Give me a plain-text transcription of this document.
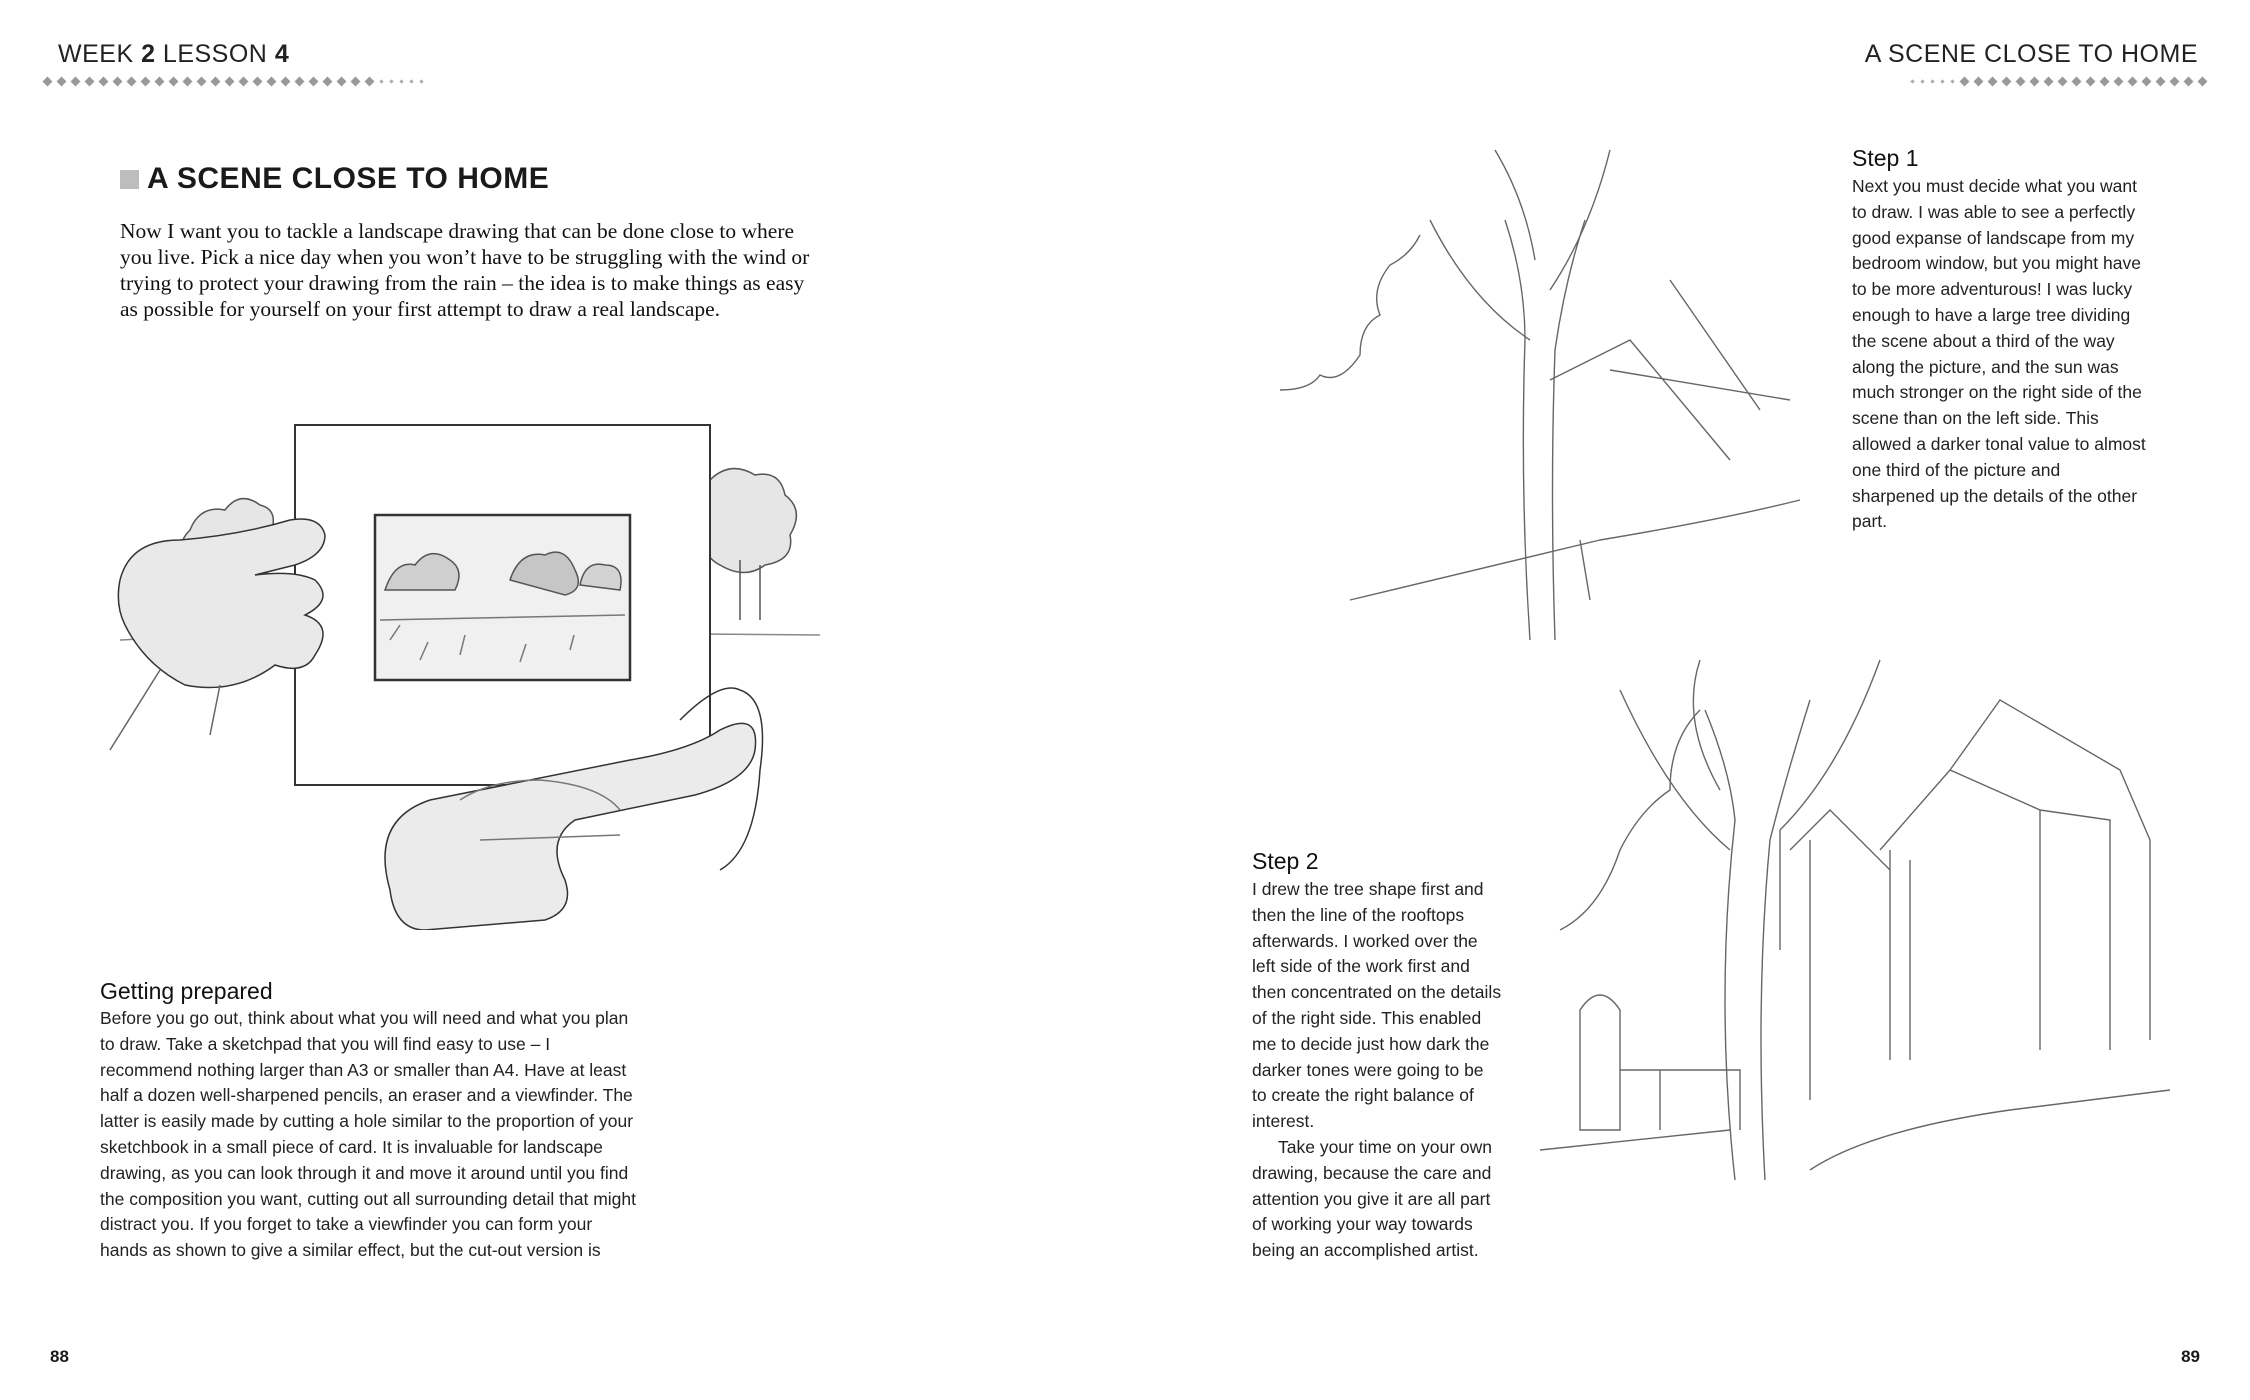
WEEK 2 LESSON 4
A SCENE CLOSE TO HOME
Now I want you to tackle a landscape drawing that can be done close to where you live. Pick a nice day when you won’t have to be struggling with the wind or trying to protect your drawing from the rain – the idea is to make things as easy as possible for yourself on your first attempt to draw a real landscape.
Getting prepared

Before you go out, think about what you will need and what you plan to draw. Take a sketchpad that you will find easy to use – I recommend nothing larger than A3 or smaller than A4. Have at least half a dozen well-sharpened pencils, an eraser and a viewfinder. The latter is easily made by cutting a hole similar to the proportion of your sketchbook in a small piece of card. It is invaluable for landscape drawing, as you can look through it and move it around until you find the composition you want, cutting out all surrounding detail that might distract you. If you forget to take a viewfinder you can form your hands as shown to give a similar effect, but the cut-out version is

88
A SCENE CLOSE TO HOME
Step 1

Next you must decide what you want to draw. I was able to see a perfectly good expanse of landscape from my bedroom window, but you might have to be more adventurous! I was lucky enough to have a large tree dividing the scene about a third of the way along the picture, and the sun was much stronger on the right side of the scene than on the left side. This allowed a darker tonal value to almost one third of the picture and sharpened up the details of the other part.

Step 2

I drew the tree shape first and then the line of the rooftops afterwards. I worked over the left side of the work first and then concentrated on the details of the right side. This enabled me to decide just how dark the darker tones were going to be to create the right balance of interest.

Take your time on your own drawing, because the care and attention you give it are all part of working your way towards being an accomplished artist.

89
